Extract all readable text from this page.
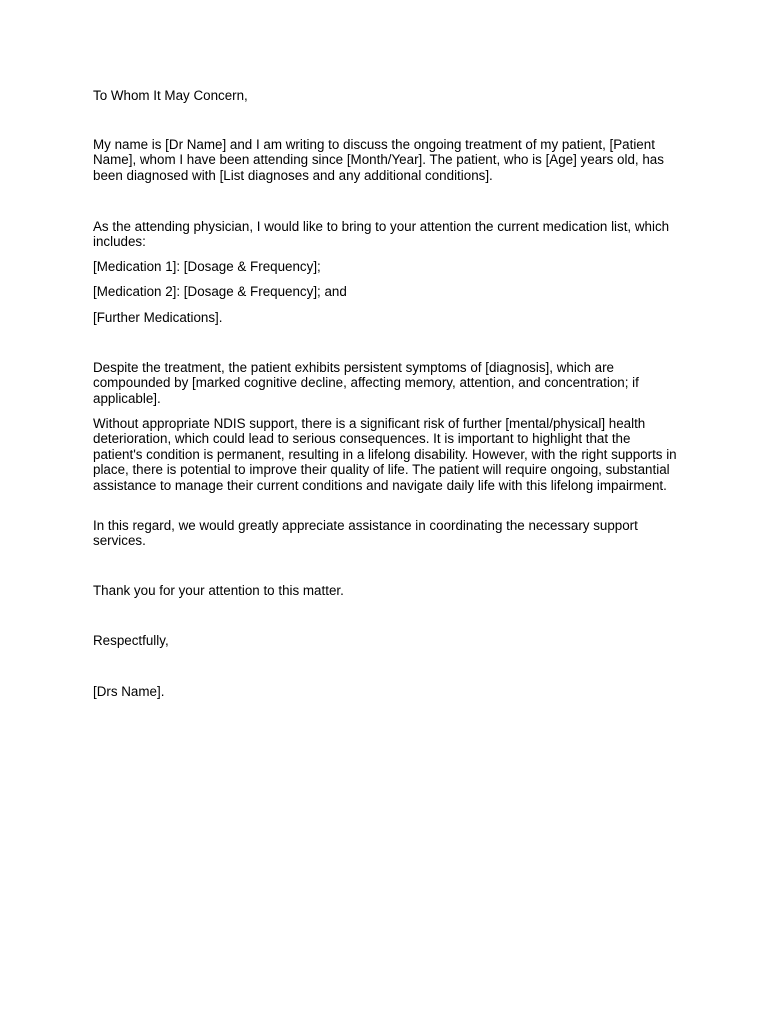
To Whom It May Concern,

My name is [Dr Name] and I am writing to discuss the ongoing treatment of my patient, [Patient Name], whom I have been attending since [Month/Year]. The patient, who is [Age] years old, has been diagnosed with [List diagnoses and any additional conditions].

As the attending physician, I would like to bring to your attention the current medication list, which includes:

[Medication 1]: [Dosage & Frequency];

[Medication 2]: [Dosage & Frequency]; and

[Further Medications].

Despite the treatment, the patient exhibits persistent symptoms of [diagnosis], which are compounded by [marked cognitive decline, affecting memory, attention, and concentration; if applicable].

Without appropriate NDIS support, there is a significant risk of further [mental/physical] health deterioration, which could lead to serious consequences. It is important to highlight that the patient's condition is permanent, resulting in a lifelong disability. However, with the right supports in place, there is potential to improve their quality of life. The patient will require ongoing, substantial assistance to manage their current conditions and navigate daily life with this lifelong impairment.

In this regard, we would greatly appreciate assistance in coordinating the necessary support services.

Thank you for your attention to this matter.

Respectfully,

[Drs Name].
